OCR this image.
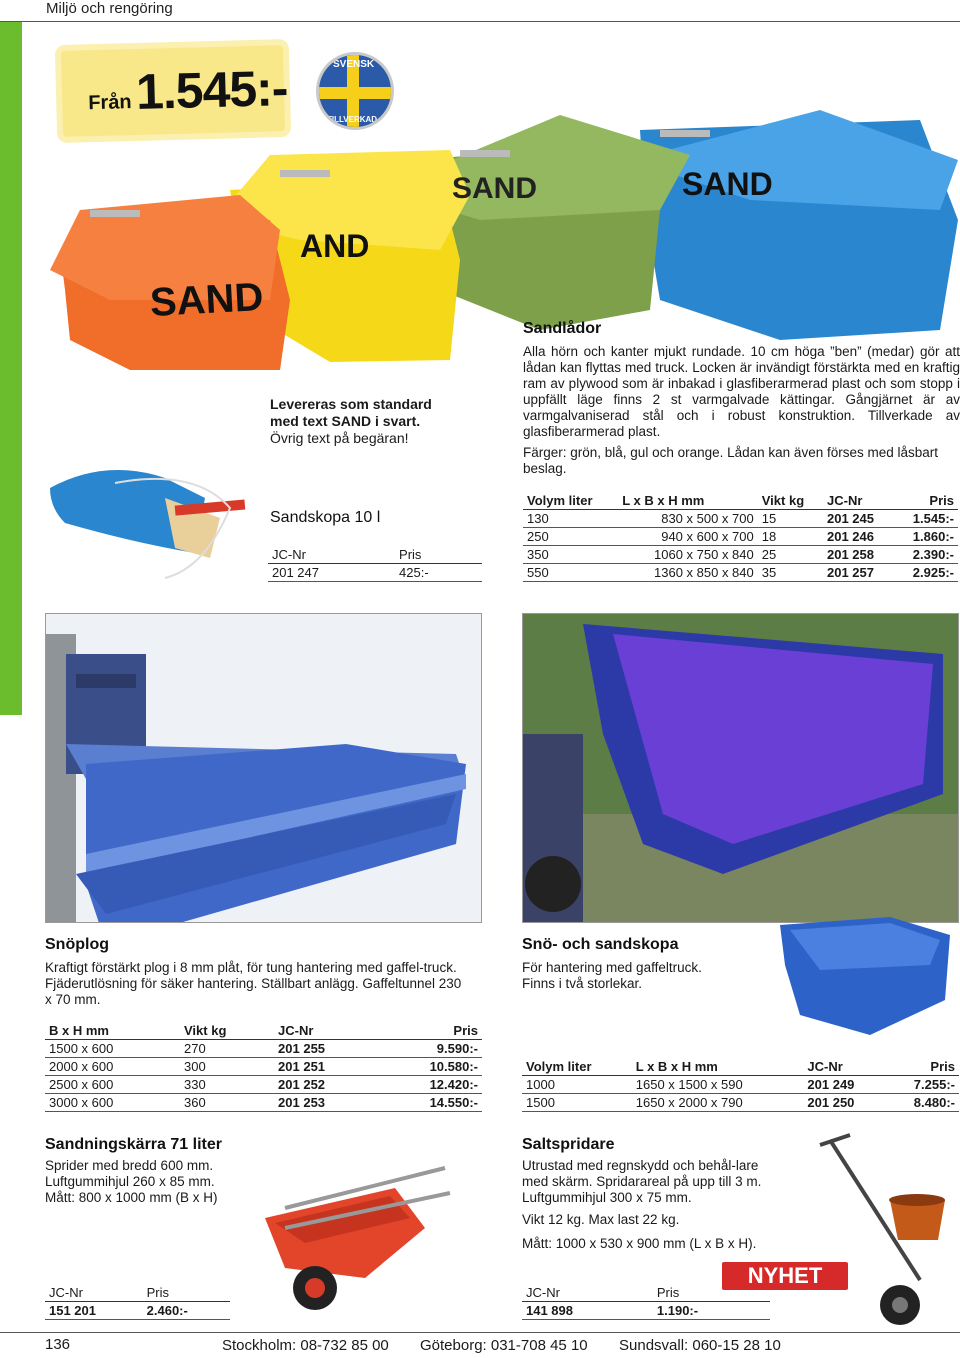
Miljö och rengöring
Från 1.545:-	SVENSK
TILLVERKAD
SAND
AND
SAND	SAND
Levereras som standard
med text SAND i svart.
Övrig text på begäran!
Sandlådor
Alla hörn och kanter mjukt rundade. 10 cm höga ”ben” (medar) gör att lådan kan flyttas med truck. Locken är invändigt förstärkta med en kraftig ram av plywood som är inbakad i glasfiberarmerad plast och som stopp i uppfällt läge finns 2 st varmgalvade kättingar. Gångjärnet är av varmgalvaniserad stål och i robust konstruktion. Tillverkade av glasfiberarmerad plast.
Färger: grön, blå, gul och orange. Lådan kan även förses med låsbart beslag.
Sandskopa 10 l
JC-Nr	Pris
201 247	425:-
Volym liter	L x B x H mm	Vikt kg	JC-Nr	Pris
130	830 x 500 x 700	15	201 245	1.545:-
250	940 x 600 x 700	18	201 246	1.860:-
350	1060 x 750 x 840	25	201 258	2.390:-
550	1360 x 850 x 840	35	201 257	2.925:-
Snöplog
Kraftigt förstärkt plog i 8 mm plåt, för tung hantering med gaffel-truck. Fjäderutlösning för säker hantering. Ställbart anlägg. Gaffeltunnel 230 x 70 mm.
B x H mm	Vikt kg	JC-Nr	Pris
1500 x 600	270	201 255	9.590:-
2000 x 600	300	201 251	10.580:-
2500 x 600	330	201 252	12.420:-
3000 x 600	360	201 253	14.550:-
Snö- och sandskopa
För hantering med gaffeltruck. Finns i två storlekar.
Volym liter	L x B x H mm	JC-Nr	Pris
1000	1650 x 1500 x 590	201 249	7.255:-
1500	1650 x 2000 x 790	201 250	8.480:-
Sandningskärra 71 liter
Sprider med bredd 600 mm.
Luftgummihjul 260 x 85 mm.
Mått: 800 x 1000 mm (B x H)
JC-Nr	Pris
151 201	2.460:-
Saltspridare
Utrustad med regnskydd och behål-lare med skärm. Spridarareal på upp till 3 m. Luftgummihjul 300 x 75 mm.
Vikt 12 kg. Max last 22 kg.
Mått: 1000 x 530 x 900 mm (L x B x H).
NYHET
JC-Nr	Pris
141 898	1.190:-
136	Stockholm: 08-732 85 00 Göteborg: 031-708 45 10 Sundsvall: 060-15 28 10
